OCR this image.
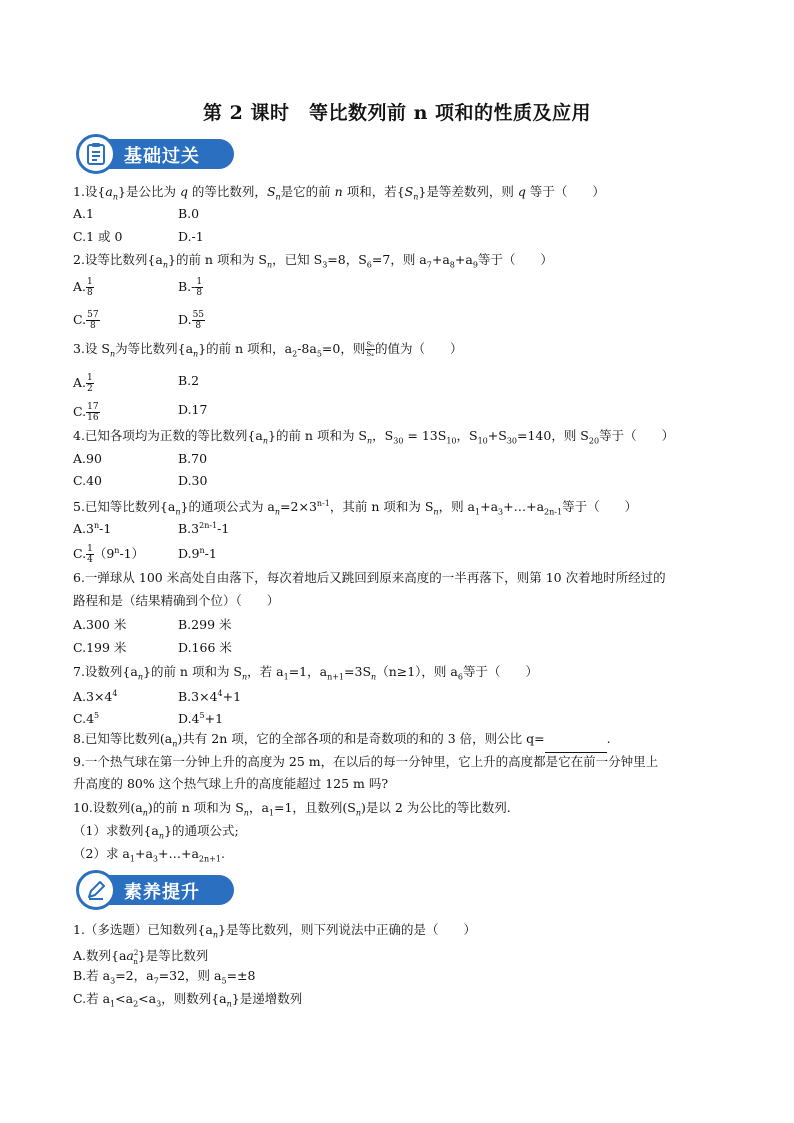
第 2 课时　等比数列前 n 项和的性质及应用
基础过关
1.设$\{a_n\}$是公比为 q 的等比数列，$S_n$是它的前 n 项和，若$\{S_n\}$是等差数列，则 q 等于（　　）
A.1	B.0
C.1 或 0	D.-1
2.设等比数列$\{a_n\}$的前 n 项和为 $S_n$，已知 $S_3=8$，$S_6=7$，则 $a_7+a_8+a_9$等于（　　）
A. $\frac{1}{8}$	$B.- \frac{1}{8}$
C. $\frac{57}{8}$	D. $\frac{55}{8}$
3.设 $S_n$为等比数列$\{a_n\}$的前 n 项和，$a_2-8a_5=0$，则 $\frac{\text{S₈}}{\text{S₄}}$ 的值为（　　）
A. $\frac{1}{2}$	B.2
C. $\frac{17}{16}$	D.17
4.已知各项均为正数的等比数列$\{a_n\}$的前 n 项和为 $S_n$，$S_{30} = 13S_{10}$，$S_{10}+S_{30}=140$，则 $S_{20}$等于（　　）
A.90	B.70
C.40	D.30
5.已知等比数列$\{a_n\}$的通项公式为 $a_n=2\times 3^{n-1}$，其前 n 项和为 $S_n$，则 $a_1+a_3+\dots+a_{2n-1}$等于（　　）
A.3$^n$-1	$B.3^{2n-1}-1$
C. $\frac{1}{4} (9^n-1)$	D.9$^n$-1
6.一弹球从 100 米高处自由落下，每次着地后又跳回到原来高度的一半再落下，则第 10 次着地时所经过的
路程和是（结果精确到个位）（　　）
A.300 米	B.299 米
C.199 米	D.166 米
7.设数列$\{a_n\}$的前 n 项和为 $S_n$，若 $a_1=1$，$a_{n+1}=3S_n(n\ge 1)$，则 $a_6$等于（　　）
$A.3\times 4^4$	$B.3\times 4^4+1$
$C.4^5$	$D.4^5+1$
8.已知等比数列$(a_n)$共有 2n 项，它的全部各项的和是奇数项的和的 3 倍，则公比 q=	.
9.一个热气球在第一分钟上升的高度为 25 m，在以后的每一分钟里，它上升的高度都是它在前一分钟里上
升高度的 80% 这个热气球上升的高度能超过 125 m 吗?
10.设数列$(a_n)$的前 n 项和为 $S_n$，$a_1=1$，且数列$(S_n)$是以 2 为公比的等比数列.
（1）求数列$\{a_n\}$的通项公式;
（2）求 $a_1+a_3+\dots+a_{2n+1}$.
素养提升
1.（多选题）已知数列$\{a_n\}$是等比数列，则下列说法中正确的是（　　）
A.数列$\{aa^2_n\}$是等比数列
B.若 $a_3=2$，$a_7=32$，则 $a_5=\pm 8$
C.若 $a_1<a_2<a_3$，则数列$\{a_n\}$是递增数列
